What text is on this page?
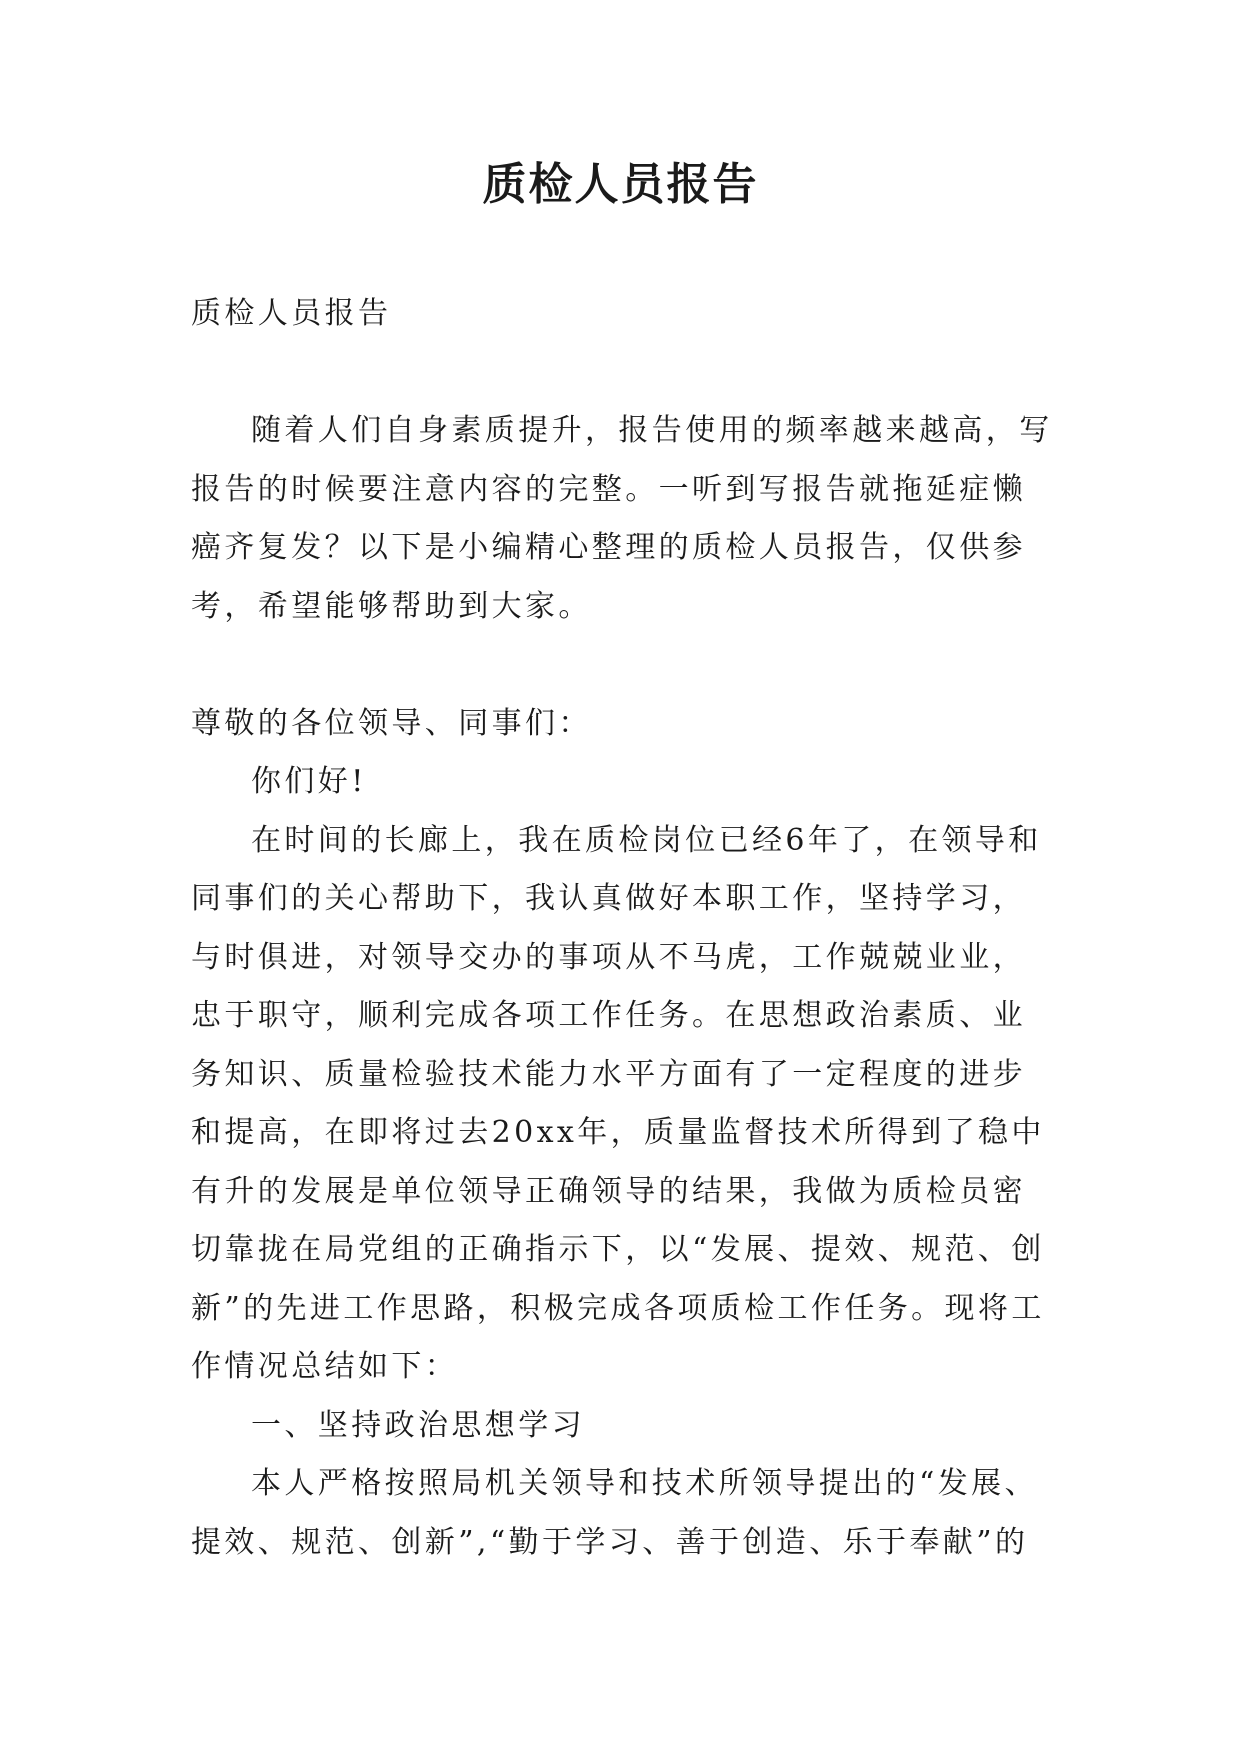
质检人员报告

质检人员报告

随着人们自身素质提升，报告使用的频率越来越高，写报告的时候要注意内容的完整。一听到写报告就拖延症懒癌齐复发？以下是小编精心整理的质检人员报告，仅供参考，希望能够帮助到大家。

尊敬的各位领导、同事们：

你们好!

在时间的长廊上，我在质检岗位已经6年了，在领导和同事们的关心帮助下，我认真做好本职工作，坚持学习，与时俱进，对领导交办的事项从不马虎，工作兢兢业业，忠于职守，顺利完成各项工作任务。在思想政治素质、业务知识、质量检验技术能力水平方面有了一定程度的进步和提高，在即将过去20xx年，质量监督技术所得到了稳中有升的发展是单位领导正确领导的结果，我做为质检员密切靠拢在局党组的正确指示下，以“发展、提效、规范、创新”的先进工作思路，积极完成各项质检工作任务。现将工作情况总结如下：

一、坚持政治思想学习

本人严格按照局机关领导和技术所领导提出的“发展、提效、规范、创新”,“勤于学习、善于创造、乐于奉献”的
